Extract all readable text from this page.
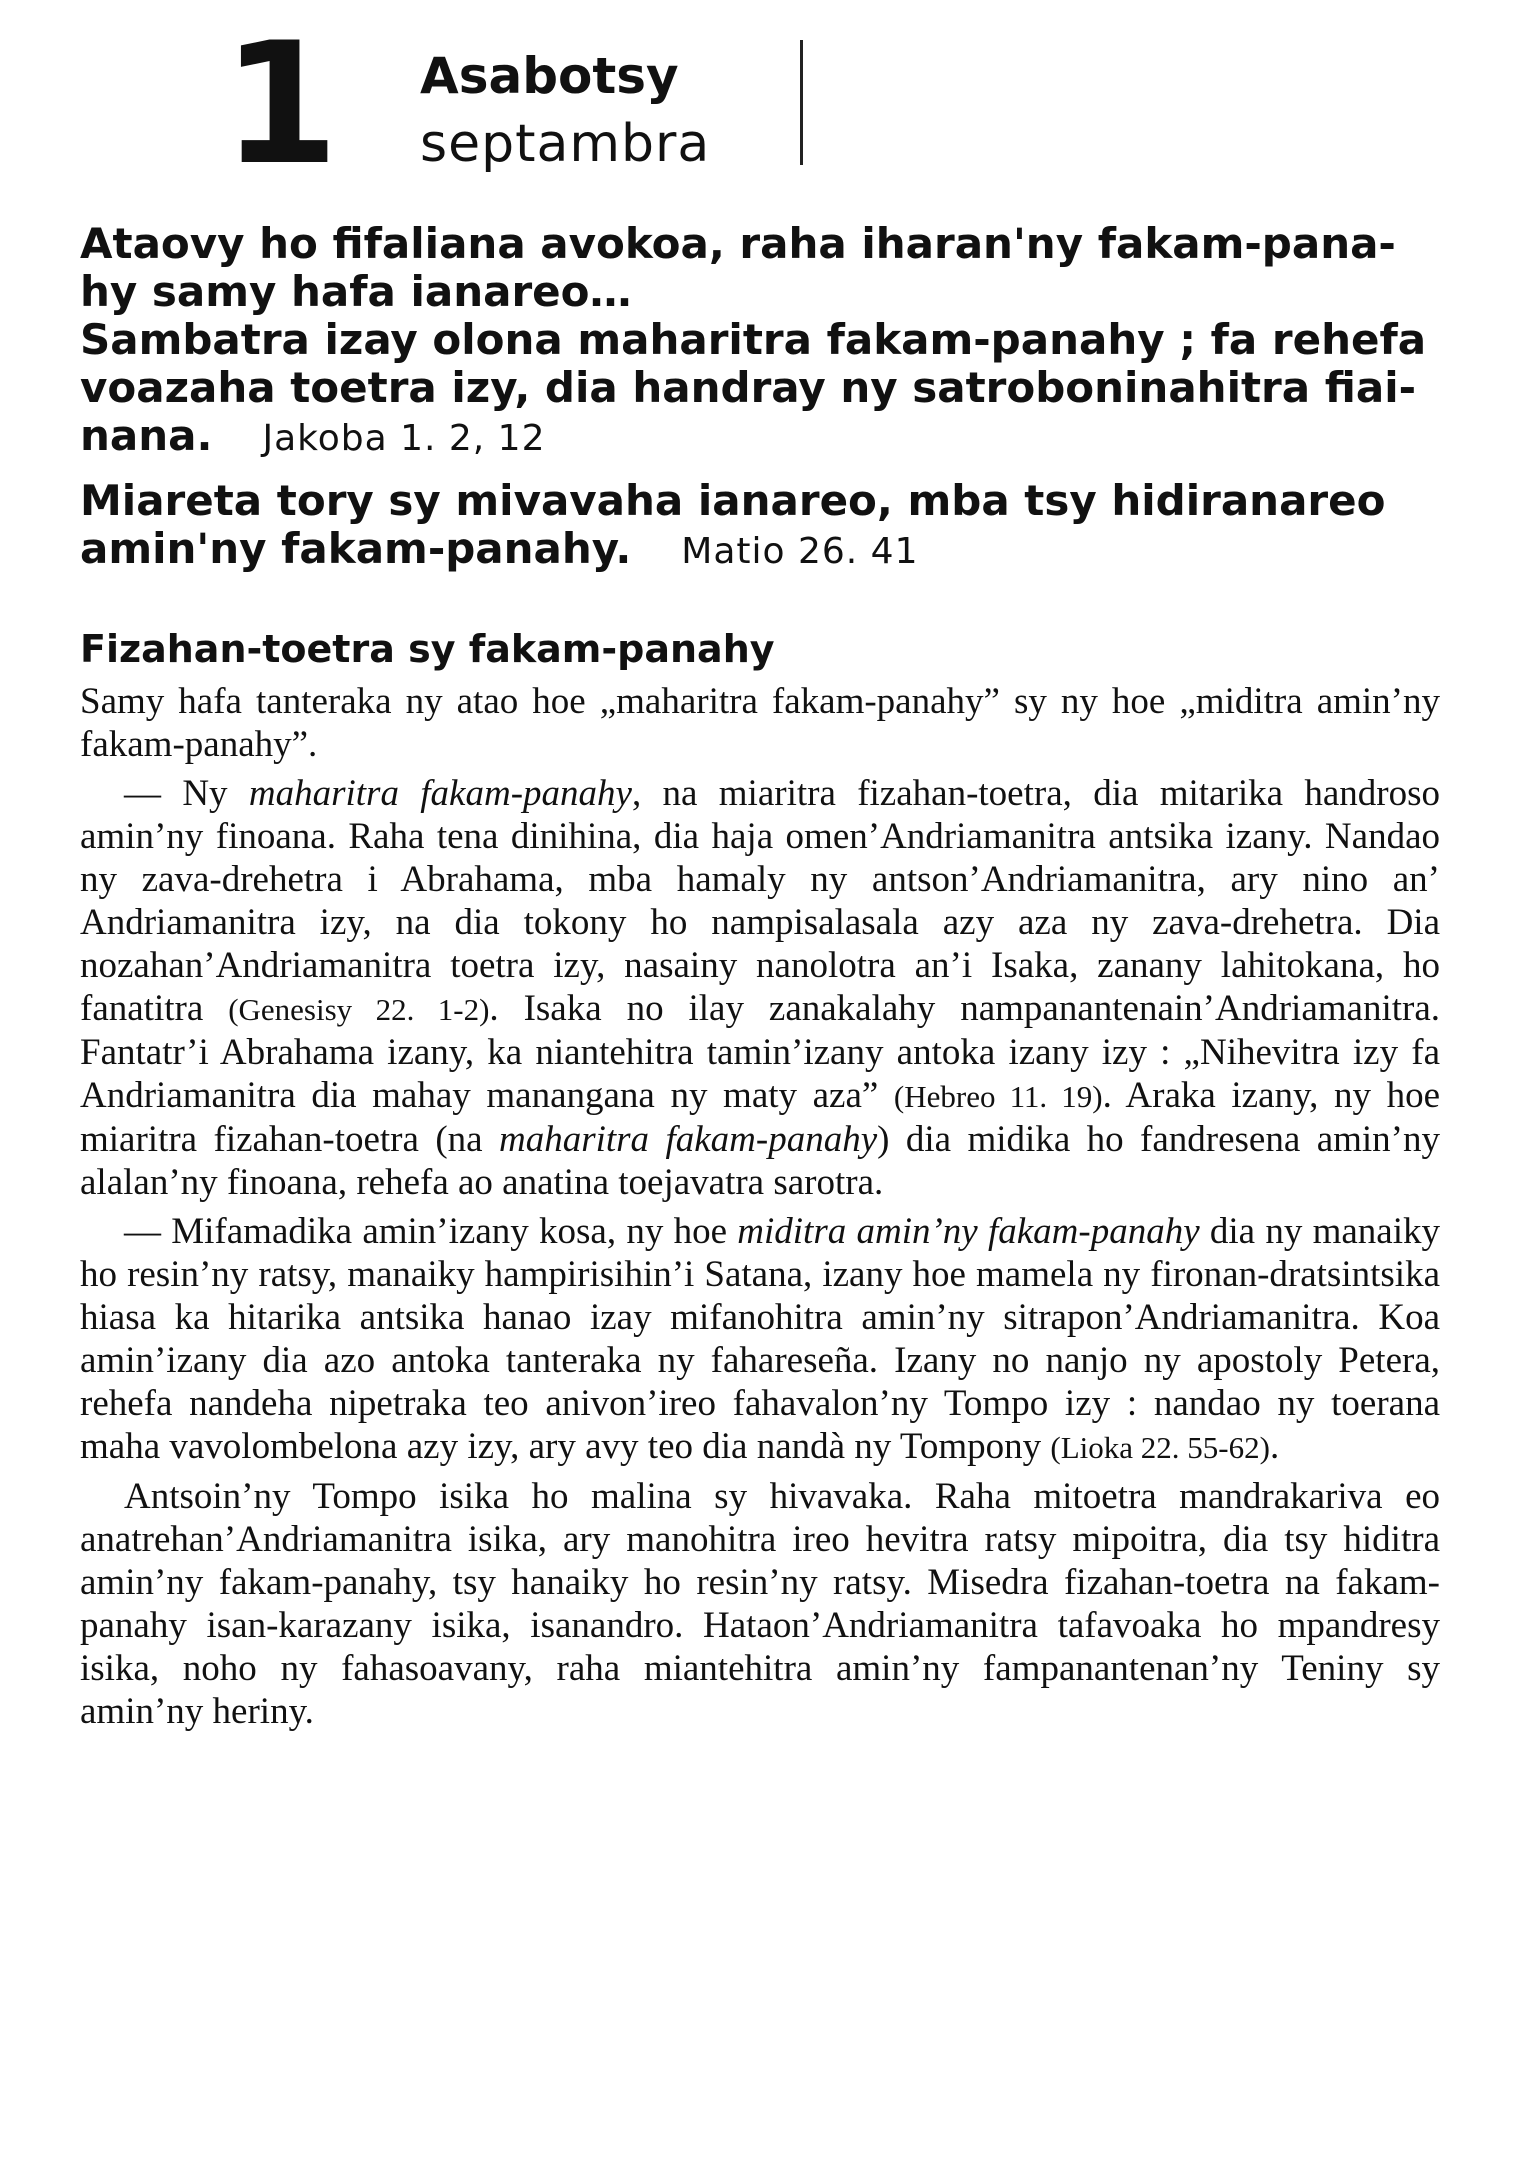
1 Asabotsy
septambra
Ataovy ho fifaliana avokoa, raha iharan'ny fakam-pana-
hy samy hafa ianareo…
Sambatra izay olona maharitra fakam-panahy ; fa rehefa
voazaha toetra izy, dia handray ny satroboninahitra fiai-
nana. Jakoba 1. 2, 12
Miareta tory sy mivavaha ianareo, mba tsy hidiranareo
amin'ny fakam-panahy. Matio 26. 41
Fizahan-toetra sy fakam-panahy

Samy hafa tanteraka ny atao hoe „maharitra fakam-panahy” sy ny hoe „miditra amin’ny fakam-panahy”.

— Ny maharitra fakam-panahy, na miaritra fizahan-toetra, dia mitarika handroso amin’ny finoana. Raha tena dinihina, dia haja omen’Andriamanitra antsika izany. Nandao ny zava-drehetra i Abrahama, mba hamaly ny antson’Andriamanitra, ary nino an’ Andriamanitra izy, na dia tokony ho nampisalasala azy aza ny zava-drehetra. Dia nozahan’Andriamanitra toetra izy, nasainy nanolotra an’i Isaka, zanany lahitokana, ho fanatitra (Genesisy 22. 1-2). Isaka no ilay zanakalahy nampanantenain’Andriamanitra. Fantatr’i Abrahama izany, ka niantehitra tamin’izany antoka izany izy : „Nihevitra izy fa Andriamanitra dia mahay manangana ny maty aza” (Hebreo 11. 19). Araka izany, ny hoe miaritra fizahan-toetra (na maharitra fakam-panahy) dia midika ho fandresena amin’ny alalan’ny finoana, rehefa ao anatina toejavatra sarotra.

— Mifamadika amin’izany kosa, ny hoe miditra amin’ny fakam-panahy dia ny manaiky ho resin’ny ratsy, manaiky hampirisihin’i Satana, izany hoe mamela ny fironan-dratsintsika hiasa ka hitarika antsika hanao izay mifanohitra amin’ny sitrapon’Andriamanitra. Koa amin’izany dia azo antoka tanteraka ny fahareseña. Izany no nanjo ny apostoly Petera, rehefa nandeha nipetraka teo anivon’ireo fahavalon’ny Tompo izy : nandao ny toerana maha vavolombelona azy izy, ary avy teo dia nandà ny Tompony (Lioka 22. 55-62).

Antsoin’ny Tompo isika ho malina sy hivavaka. Raha mitoetra mandrakariva eo anatrehan’Andriamanitra isika, ary manohitra ireo hevitra ratsy mipoitra, dia tsy hiditra amin’ny fakam-panahy, tsy hanaiky ho resin’ny ratsy. Misedra fizahan-toetra na fakam-panahy isan-karazany isika, isanandro. Hataon’Andriamanitra tafavoaka ho mpandresy isika, noho ny fahasoavany, raha miantehitra amin’ny fampanantenan’ny Teniny sy amin’ny heriny.
